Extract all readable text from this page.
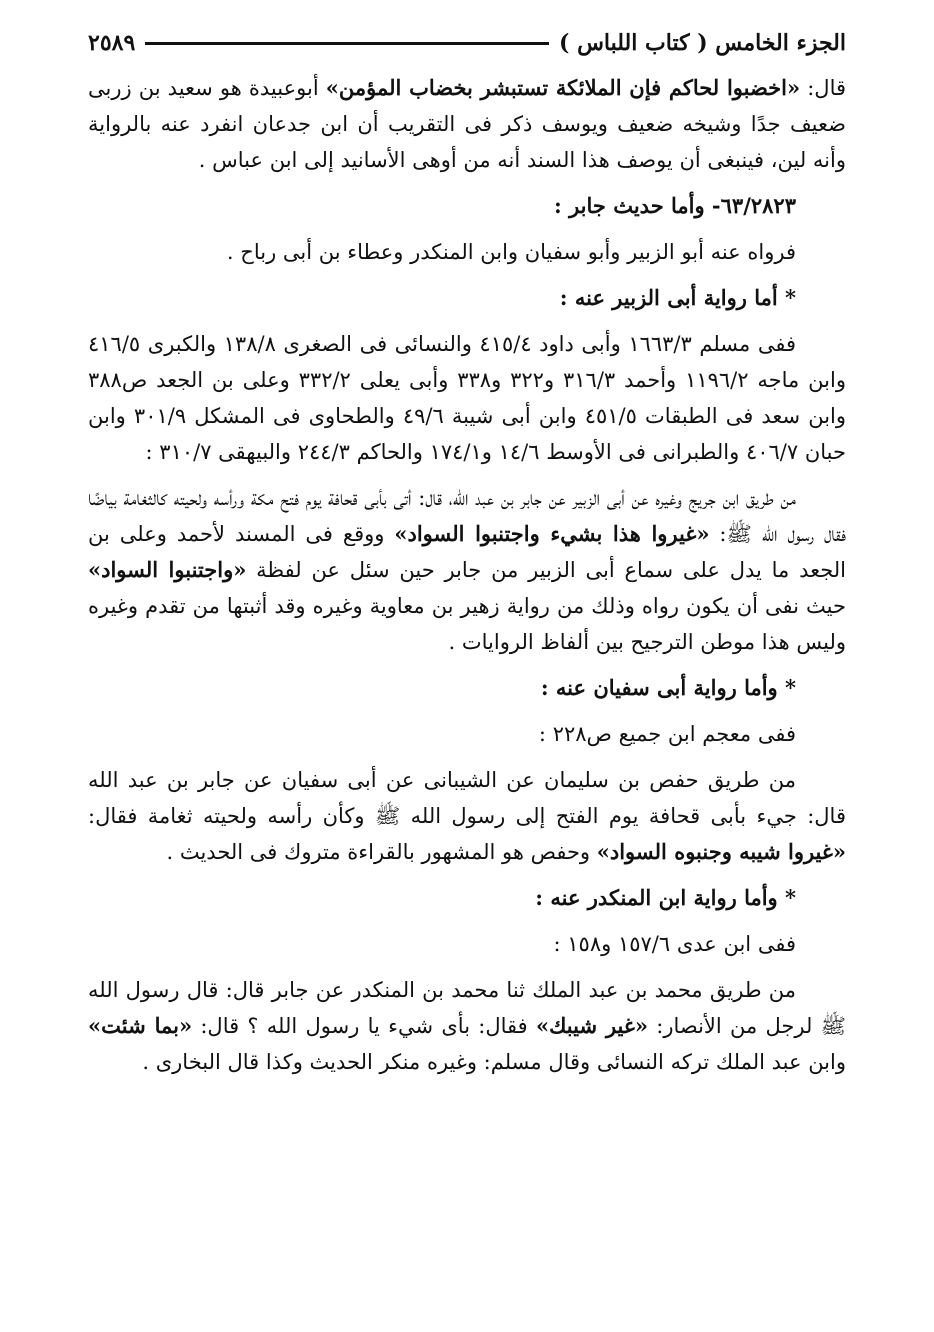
الجزء الخامس ( كتاب اللباس )
٢٥٨٩

قال: «اخضبوا لحاكم فإن الملائكة تستبشر بخضاب المؤمن» أبوعبيدة هو سعيد بن زربى ضعيف جدًا وشيخه ضعيف ويوسف ذكر فى التقريب أن ابن جدعان انفرد عنه بالرواية وأنه لين، فينبغى أن يوصف هذا السند أنه من أوهى الأسانيد إلى ابن عباس .

٦٣/٢٨٢٣- وأما حديث جابر :

فرواه عنه أبو الزبير وأبو سفيان وابن المنكدر وعطاء بن أبى رباح .

* أما رواية أبى الزبير عنه :

ففى مسلم ١٦٦٣/٣ وأبى داود ٤١٥/٤ والنسائى فى الصغرى ١٣٨/٨ والكبرى ٤١٦/٥ وابن ماجه ١١٩٦/٢ وأحمد ٣١٦/٣ و٣٢٢ و٣٣٨ وأبى يعلى ٣٣٢/٢ وعلى بن الجعد ص٣٨٨ وابن سعد فى الطبقات ٤٥١/٥ وابن أبى شيبة ٤٩/٦ والطحاوى فى المشكل ٣٠١/٩ وابن حبان ٤٠٦/٧ والطبرانى فى الأوسط ١٤/٦ و١٧٤/١ والحاكم ٢٤٤/٣ والبيهقى ٣١٠/٧ :

من طريق ابن جريج وغيره عن أبى الزبير عن جابر بن عبد الله، قال: أتى بأبى قحافة يوم فتح مكة ورأسه ولحيته كالثغامة بياضًا فقال رسول الله ﷺ: «غيروا هذا بشيء واجتنبوا السواد» ووقع فى المسند لأحمد وعلى بن الجعد ما يدل على سماع أبى الزبير من جابر حين سئل عن لفظة «واجتنبوا السواد» حيث نفى أن يكون رواه وذلك من رواية زهير بن معاوية وغيره وقد أثبتها من تقدم وغيره وليس هذا موطن الترجيح بين ألفاظ الروايات .

* وأما رواية أبى سفيان عنه :

ففى معجم ابن جميع ص٢٢٨ :

من طريق حفص بن سليمان عن الشيبانى عن أبى سفيان عن جابر بن عبد الله قال: جيء بأبى قحافة يوم الفتح إلى رسول الله ﷺ وكأن رأسه ولحيته ثغامة فقال: «غيروا شيبه وجنبوه السواد» وحفص هو المشهور بالقراءة متروك فى الحديث .

* وأما رواية ابن المنكدر عنه :

ففى ابن عدى ١٥٧/٦ و١٥٨ :

من طريق محمد بن عبد الملك ثنا محمد بن المنكدر عن جابر قال: قال رسول الله ﷺ لرجل من الأنصار: «غير شيبك» فقال: بأى شيء يا رسول الله ؟ قال: «بما شئت» وابن عبد الملك تركه النسائى وقال مسلم: وغيره منكر الحديث وكذا قال البخارى .
